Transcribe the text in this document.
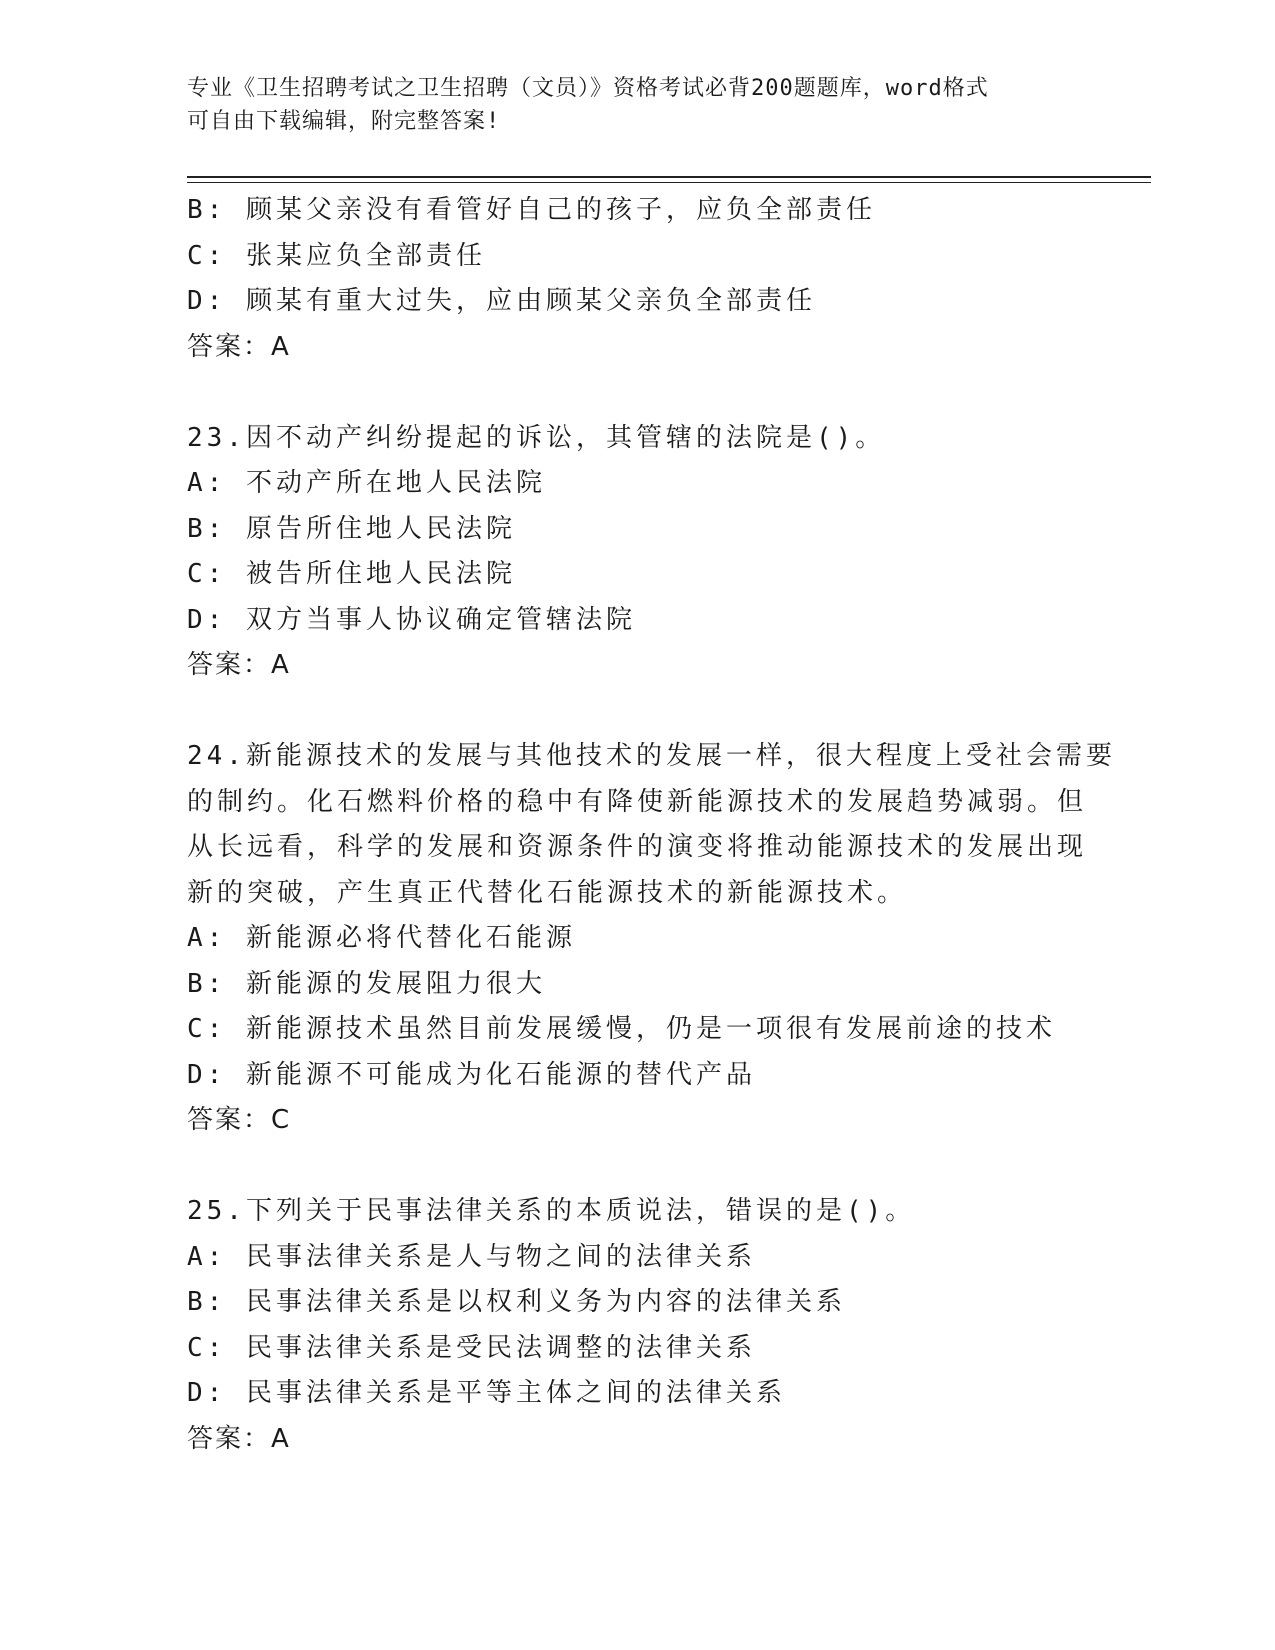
专业《卫生招聘考试之卫生招聘（文员）》资格考试必背200题题库，word格式
可自由下载编辑，附完整答案!
B: 顾某父亲没有看管好自己的孩子，应负全部责任
C: 张某应负全部责任
D: 顾某有重大过失，应由顾某父亲负全部责任
答案：A
23.因不动产纠纷提起的诉讼，其管辖的法院是()。
A: 不动产所在地人民法院
B: 原告所住地人民法院
C: 被告所住地人民法院
D: 双方当事人协议确定管辖法院
答案：A
24.新能源技术的发展与其他技术的发展一样，很大程度上受社会需要
的制约。化石燃料价格的稳中有降使新能源技术的发展趋势减弱。但
从长远看，科学的发展和资源条件的演变将推动能源技术的发展出现
新的突破，产生真正代替化石能源技术的新能源技术。
A: 新能源必将代替化石能源
B: 新能源的发展阻力很大
C: 新能源技术虽然目前发展缓慢，仍是一项很有发展前途的技术
D: 新能源不可能成为化石能源的替代产品
答案：C
25.下列关于民事法律关系的本质说法，错误的是()。
A: 民事法律关系是人与物之间的法律关系
B: 民事法律关系是以权利义务为内容的法律关系
C: 民事法律关系是受民法调整的法律关系
D: 民事法律关系是平等主体之间的法律关系
答案：A
